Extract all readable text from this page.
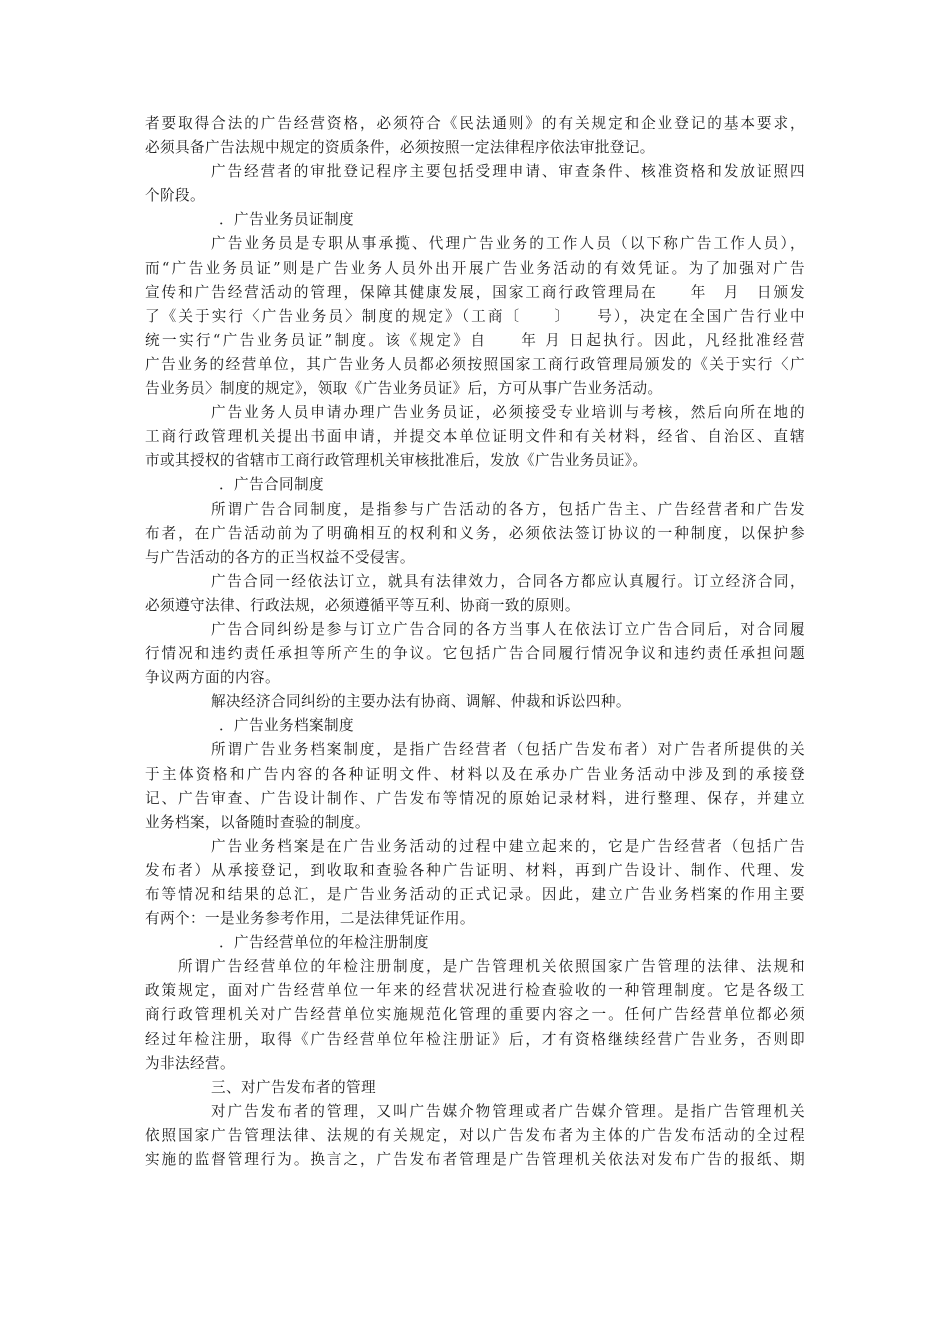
者要取得合法的广告经营资格，必须符合《民法通则》的有关规定和企业登记的基本要求，
必须具备广告法规中规定的资质条件，必须按照一定法律程序依法审批登记。
广告经营者的审批登记程序主要包括受理申请、审查条件、核准资格和发放证照四
个阶段。
．广告业务员证制度
广告业务员是专职从事承揽、代理广告业务的工作人员（以下称广告工作人员），
而“广告业务员证”则是广告业务人员外出开展广告业务活动的有效凭证。为了加强对广告
宣传和广告经营活动的管理，保障其健康发展，国家工商行政管理局在　　年　月　日颁发
了《关于实行〈广告业务员〉制度的规定》（工商〔　　〕　　号），决定在全国广告行业中
统一实行“广告业务员证”制度。该《规定》自　　年 月 日起执行。因此，凡经批准经营
广告业务的经营单位，其广告业务人员都必须按照国家工商行政管理局颁发的《关于实行〈广
告业务员〉制度的规定》，领取《广告业务员证》后，方可从事广告业务活动。
广告业务人员申请办理广告业务员证，必须接受专业培训与考核，然后向所在地的
工商行政管理机关提出书面申请，并提交本单位证明文件和有关材料，经省、自治区、直辖
市或其授权的省辖市工商行政管理机关审核批准后，发放《广告业务员证》。
．广告合同制度
所谓广告合同制度，是指参与广告活动的各方，包括广告主、广告经营者和广告发
布者，在广告活动前为了明确相互的权利和义务，必须依法签订协议的一种制度，以保护参
与广告活动的各方的正当权益不受侵害。
广告合同一经依法订立，就具有法律效力，合同各方都应认真履行。订立经济合同，
必须遵守法律、行政法规，必须遵循平等互利、协商一致的原则。
广告合同纠纷是参与订立广告合同的各方当事人在依法订立广告合同后，对合同履
行情况和违约责任承担等所产生的争议。它包括广告合同履行情况争议和违约责任承担问题
争议两方面的内容。
解决经济合同纠纷的主要办法有协商、调解、仲裁和诉讼四种。
．广告业务档案制度
所谓广告业务档案制度，是指广告经营者（包括广告发布者）对广告者所提供的关
于主体资格和广告内容的各种证明文件、材料以及在承办广告业务活动中涉及到的承接登
记、广告审查、广告设计制作、广告发布等情况的原始记录材料，进行整理、保存，并建立
业务档案，以备随时查验的制度。
广告业务档案是在广告业务活动的过程中建立起来的，它是广告经营者（包括广告
发布者）从承接登记，到收取和查验各种广告证明、材料，再到广告设计、制作、代理、发
布等情况和结果的总汇，是广告业务活动的正式记录。因此，建立广告业务档案的作用主要
有两个：一是业务参考作用，二是法律凭证作用。
．广告经营单位的年检注册制度
所谓广告经营单位的年检注册制度，是广告管理机关依照国家广告管理的法律、法规和
政策规定，面对广告经营单位一年来的经营状况进行检查验收的一种管理制度。它是各级工
商行政管理机关对广告经营单位实施规范化管理的重要内容之一。任何广告经营单位都必须
经过年检注册，取得《广告经营单位年检注册证》后，才有资格继续经营广告业务，否则即
为非法经营。
三、对广告发布者的管理
对广告发布者的管理，又叫广告媒介物管理或者广告媒介管理。是指广告管理机关
依照国家广告管理法律、法规的有关规定，对以广告发布者为主体的广告发布活动的全过程
实施的监督管理行为。换言之，广告发布者管理是广告管理机关依法对发布广告的报纸、期
